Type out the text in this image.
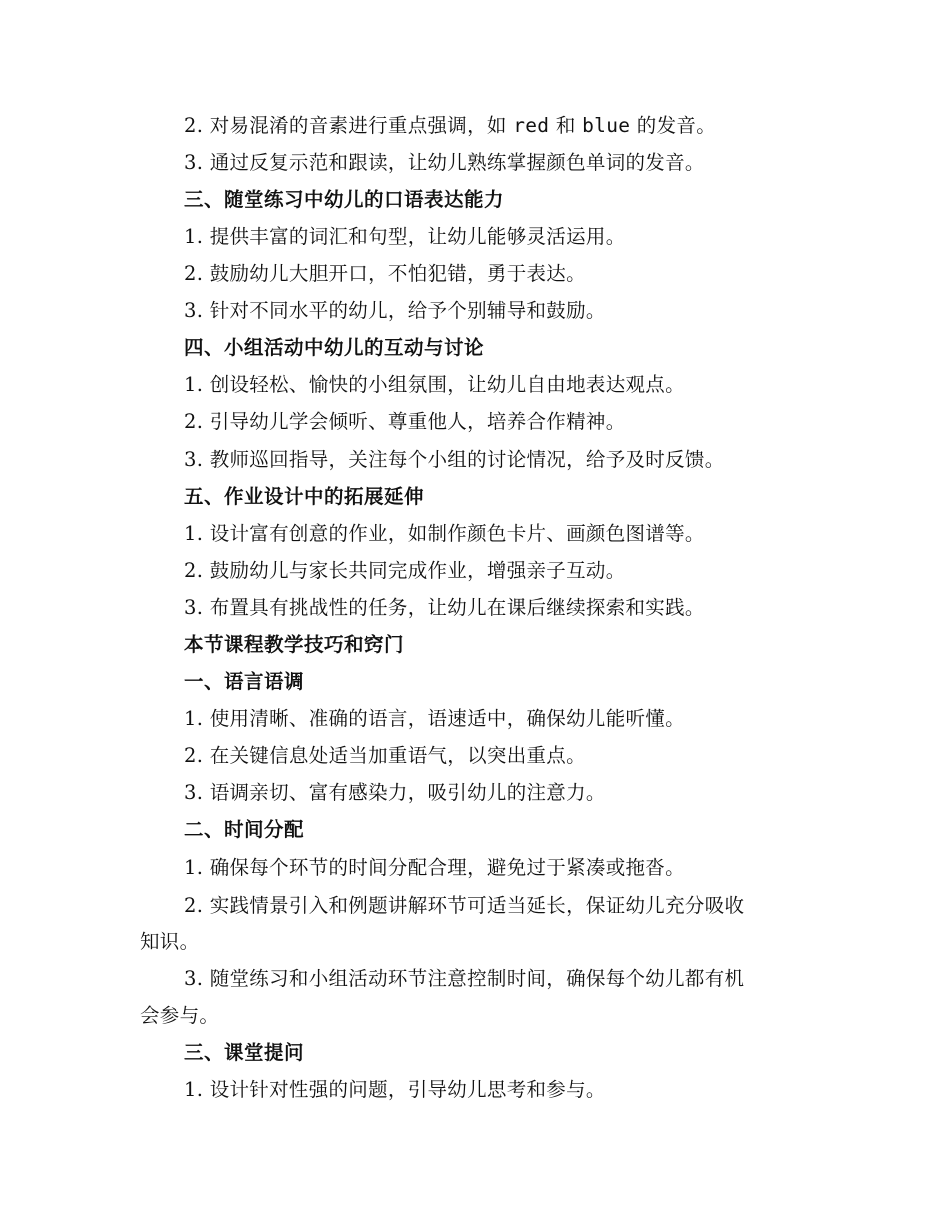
2. 对易混淆的音素进行重点强调，如 red 和 blue 的发音。
3. 通过反复示范和跟读，让幼儿熟练掌握颜色单词的发音。
三、随堂练习中幼儿的口语表达能力
1. 提供丰富的词汇和句型，让幼儿能够灵活运用。
2. 鼓励幼儿大胆开口，不怕犯错，勇于表达。
3. 针对不同水平的幼儿，给予个别辅导和鼓励。
四、小组活动中幼儿的互动与讨论
1. 创设轻松、愉快的小组氛围，让幼儿自由地表达观点。
2. 引导幼儿学会倾听、尊重他人，培养合作精神。
3. 教师巡回指导，关注每个小组的讨论情况，给予及时反馈。
五、作业设计中的拓展延伸
1. 设计富有创意的作业，如制作颜色卡片、画颜色图谱等。
2. 鼓励幼儿与家长共同完成作业，增强亲子互动。
3. 布置具有挑战性的任务，让幼儿在课后继续探索和实践。
本节课程教学技巧和窍门
一、语言语调
1. 使用清晰、准确的语言，语速适中，确保幼儿能听懂。
2. 在关键信息处适当加重语气，以突出重点。
3. 语调亲切、富有感染力，吸引幼儿的注意力。
二、时间分配
1. 确保每个环节的时间分配合理，避免过于紧凑或拖沓。
2. 实践情景引入和例题讲解环节可适当延长，保证幼儿充分吸收
知识。
3. 随堂练习和小组活动环节注意控制时间，确保每个幼儿都有机
会参与。
三、课堂提问
1. 设计针对性强的问题，引导幼儿思考和参与。
